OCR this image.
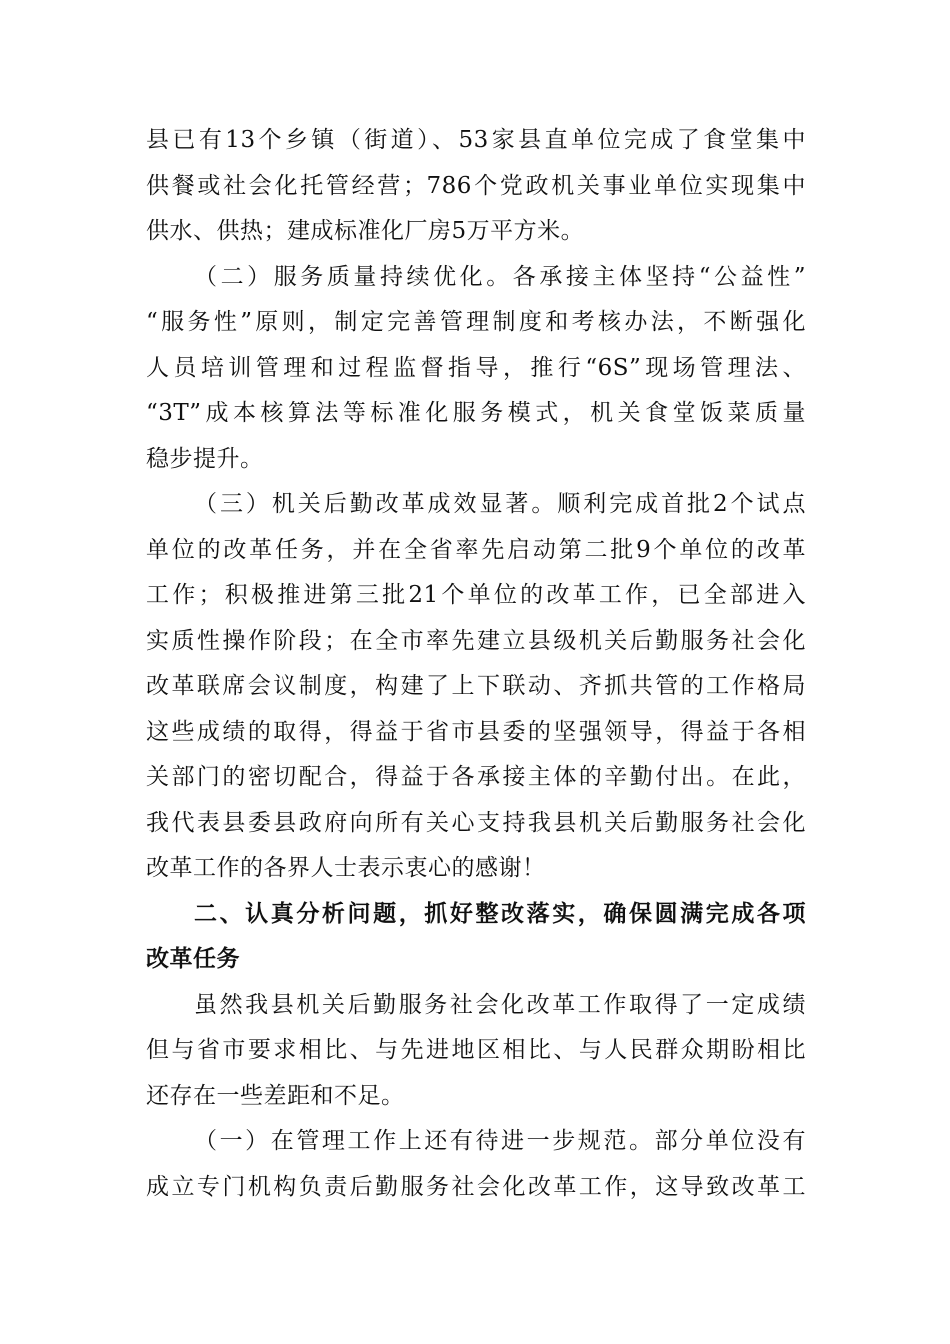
县已有13个乡镇（街道）、53家县直单位完成了食堂集中
供餐或社会化托管经营；786个党政机关事业单位实现集中
供水、供热；建成标准化厂房5万平方米。
（二）服务质量持续优化。各承接主体坚持“公益性”
“服务性”原则，制定完善管理制度和考核办法，不断强化
人员培训管理和过程监督指导，推行“6S”现场管理法、
“3T”成本核算法等标准化服务模式，机关食堂饭菜质量
稳步提升。
（三）机关后勤改革成效显著。顺利完成首批2个试点
单位的改革任务，并在全省率先启动第二批9个单位的改革
工作；积极推进第三批21个单位的改革工作，已全部进入
实质性操作阶段；在全市率先建立县级机关后勤服务社会化
改革联席会议制度，构建了上下联动、齐抓共管的工作格局
这些成绩的取得，得益于省市县委的坚强领导，得益于各相
关部门的密切配合，得益于各承接主体的辛勤付出。在此，
我代表县委县政府向所有关心支持我县机关后勤服务社会化
改革工作的各界人士表示衷心的感谢！
二、认真分析问题，抓好整改落实，确保圆满完成各项
改革任务
虽然我县机关后勤服务社会化改革工作取得了一定成绩
但与省市要求相比、与先进地区相比、与人民群众期盼相比
还存在一些差距和不足。
（一）在管理工作上还有待进一步规范。部分单位没有
成立专门机构负责后勤服务社会化改革工作，这导致改革工
